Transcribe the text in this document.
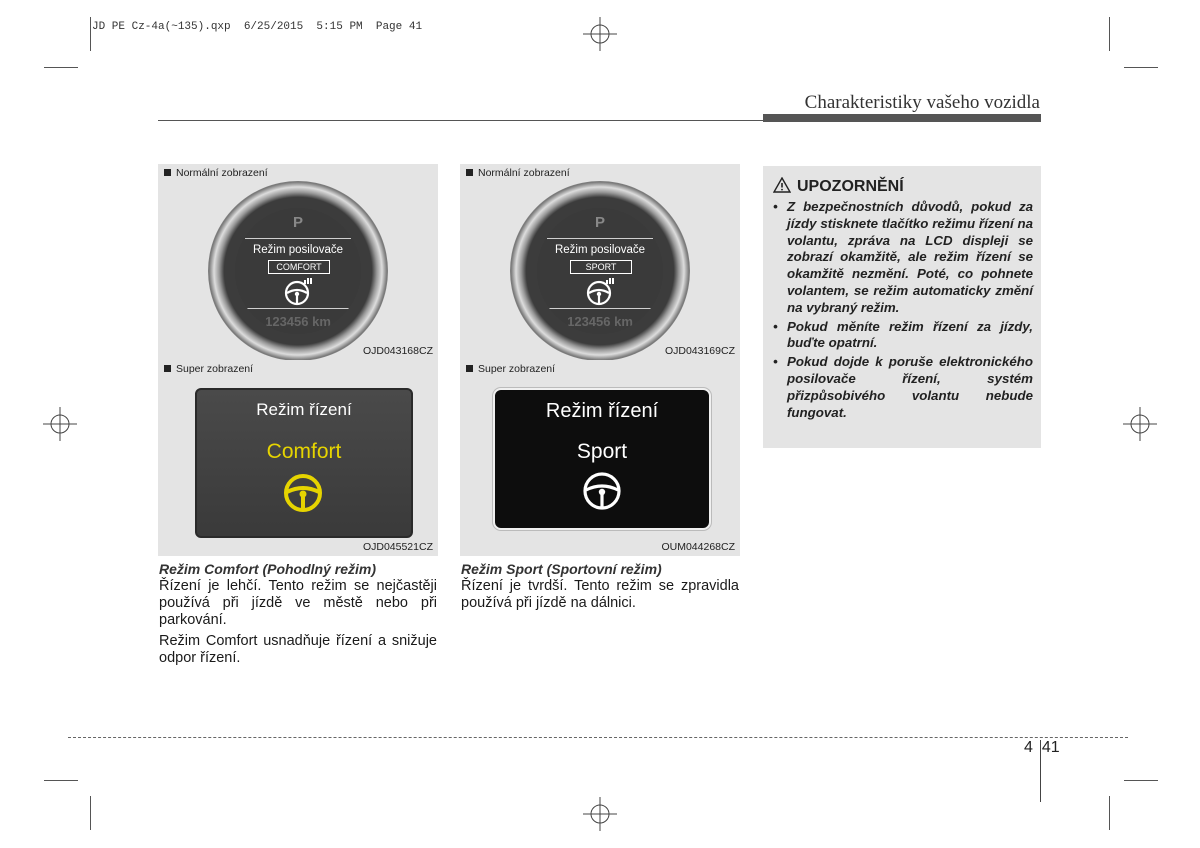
JD PE Cz-4a(~135).qxp  6/25/2015  5:15 PM  Page 41
Charakteristiky vašeho vozidla
Normální zobrazení
P
Režim posilovače
COMFORT
123456 km
OJD043168CZ
Super zobrazení
Režim řízení
Comfort
OJD045521CZ
Normální zobrazení
P
Režim posilovače
SPORT
123456 km
OJD043169CZ
Super zobrazení
Režim řízení
Sport
OUM044268CZ
Režim Comfort (Pohodlný režim)

Řízení je lehčí. Tento režim se nejčastěji používá při jízdě ve městě nebo při parkování.

Režim Comfort usnadňuje řízení a snižuje odpor řízení.

Režim Sport (Sportovní režim)

Řízení je tvrdší. Tento režim se zpravidla používá při jízdě na dálnici.

UPOZORNĚNÍ
• Z bezpečnostních důvodů, pokud za jízdy stisknete tlačítko režimu řízení na volantu, zpráva na LCD displeji se zobrazí okamžitě, ale režim řízení se okamžitě nezmění. Poté, co pohnete volantem, se režim automaticky změní na vybraný režim.
• Pokud měníte režim řízení za jízdy, buďte opatrní.
• Pokud dojde k poruše elektronického posilovače řízení, systém přizpůsobivého volantu nebude fungovat.
4 41
